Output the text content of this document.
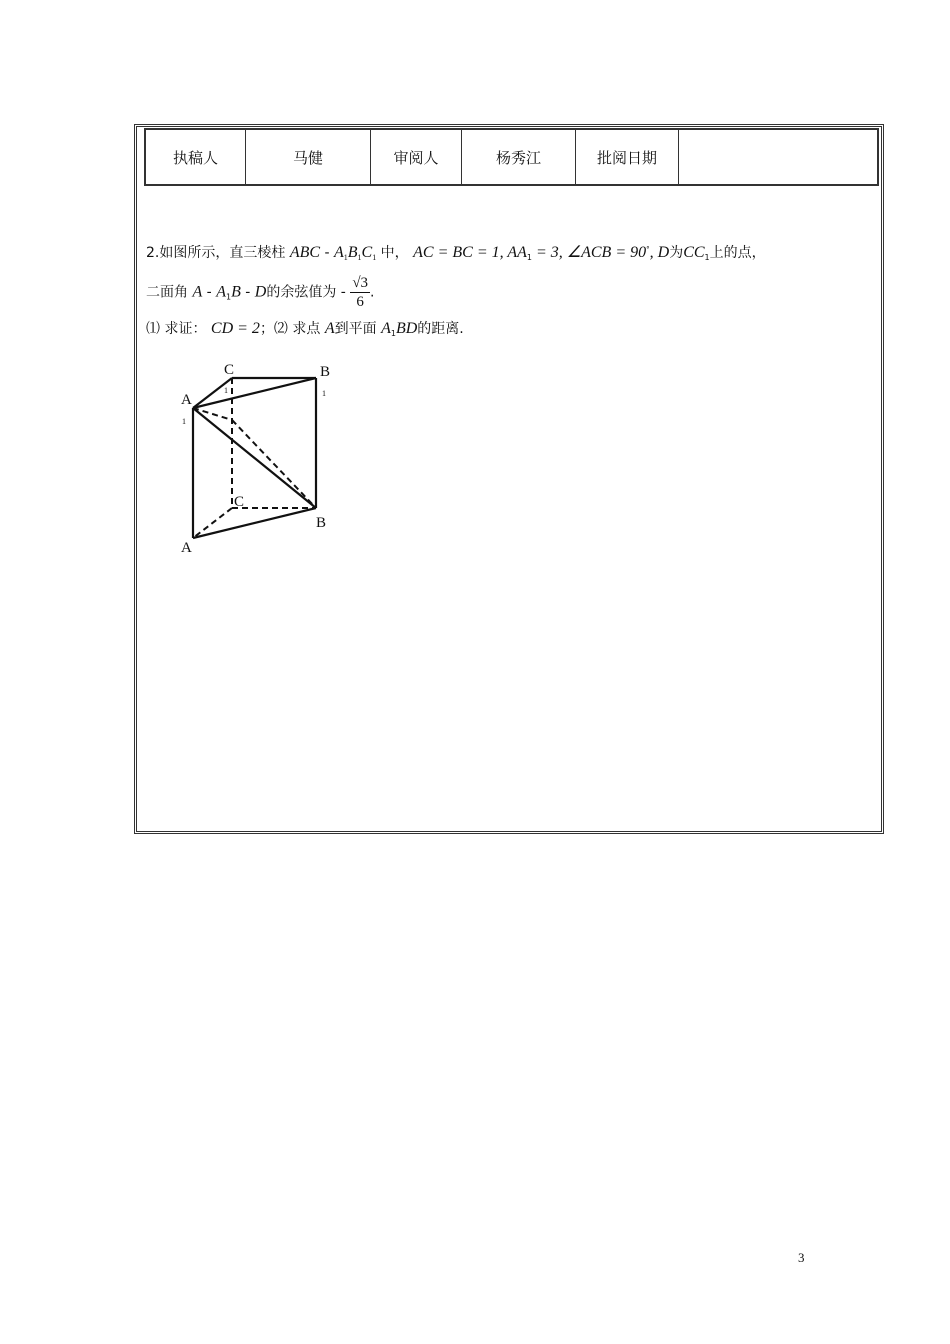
执稿人	马健	审阅人	杨秀江	批阅日期	
2.如图所示，直三棱柱 ABC - $A_1B_1C_1$ 中， AC = BC = 1, $AA_1 = 3$, ∠ACB = 90°, D为$CC_1$上的点，
二面角 A - $A_1B$ - D的余弦值为 - $\frac{√3}{6}$ .
⑴ 求证： CD = 2；⑵ 求点 A到平面 $A_1BD$的距离.
C
1
B
1
A
1
C
B
A
3
